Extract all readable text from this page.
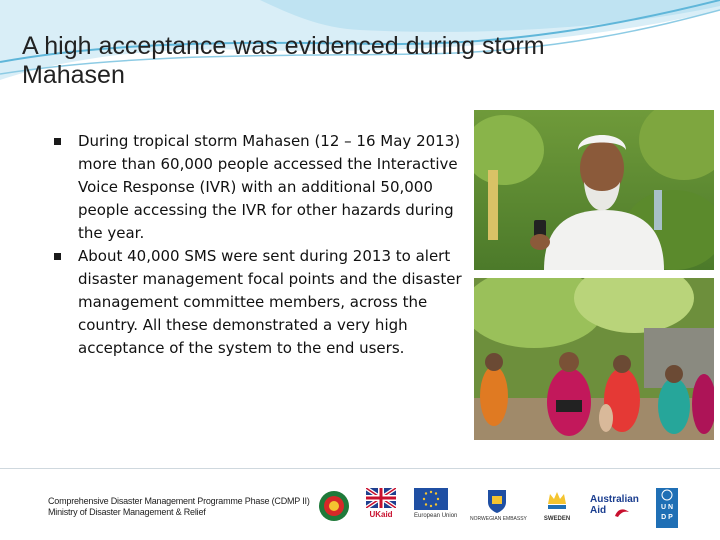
A high acceptance was evidenced during storm Mahasen
During tropical storm Mahasen (12 – 16 May 2013) more than 60,000 people accessed the Interactive Voice Response (IVR) with an additional 50,000 people accessing the IVR for other hazards during the year.
About 40,000 SMS were sent during 2013 to alert disaster management focal points and the disaster management committee members, across the country. All these demonstrated a very high acceptance of the system to the end users.
Comprehensive Disaster Management Programme Phase (CDMP II)
Ministry of Disaster Management & Relief	UKaid	European Union	NORWEGIAN EMBASSY	SWEDEN
Australian
Aid	U N
D P
